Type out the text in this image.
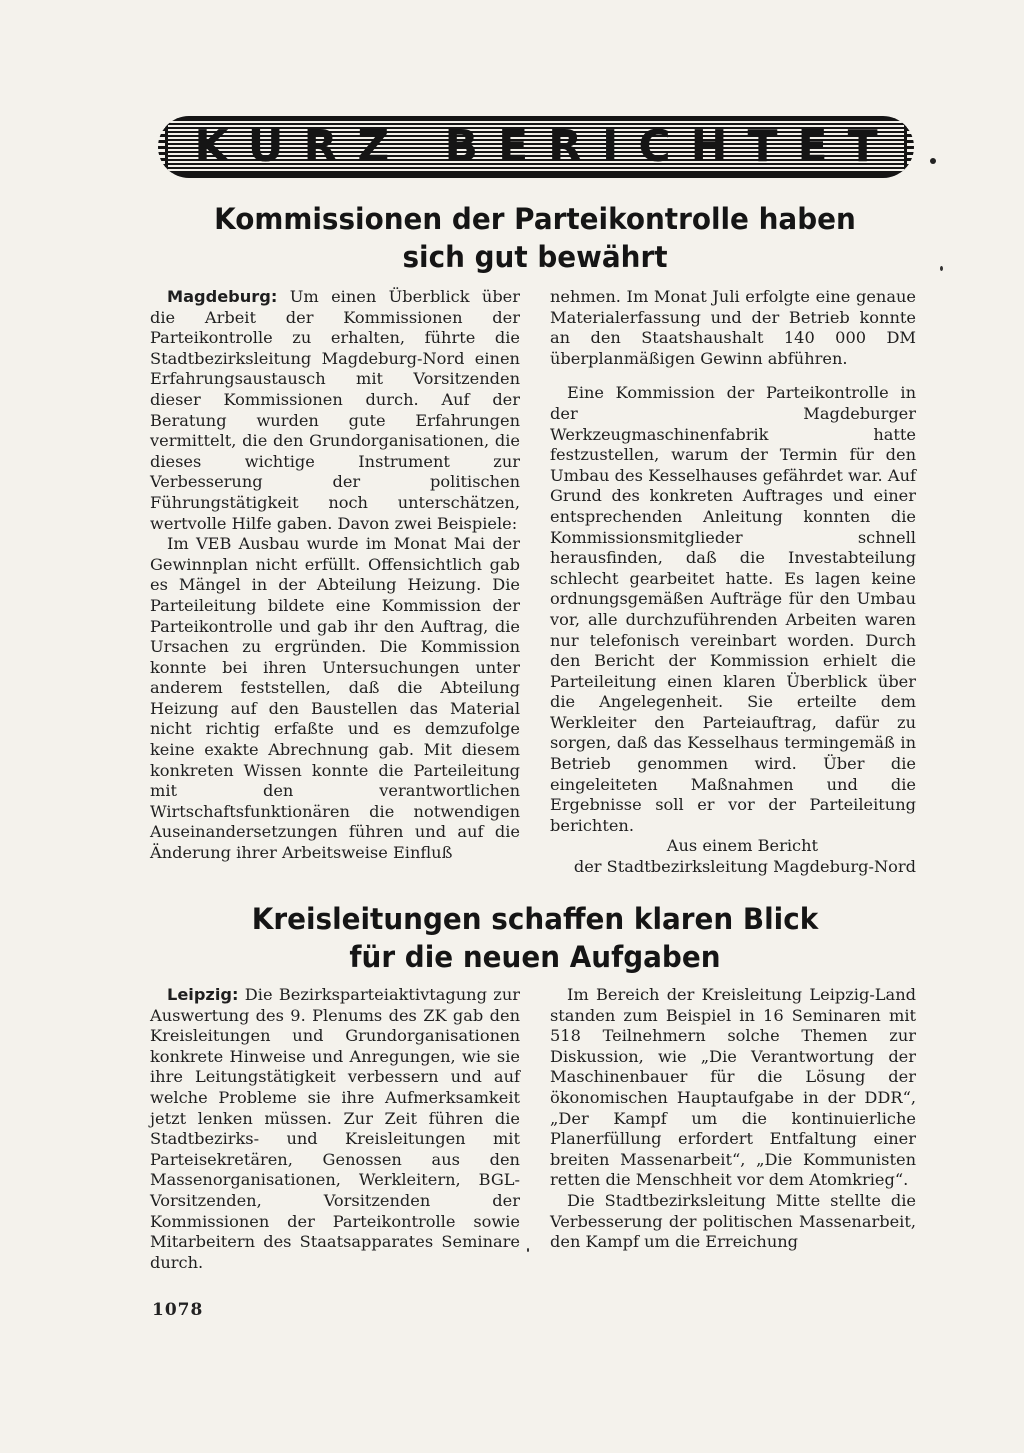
KURZ BERICHTET
Kommissionen der Parteikontrolle haben
sich gut bewährt

Magdeburg: Um einen Überblick über die Arbeit der Kommissionen der Parteikontrolle zu erhalten, führte die Stadtbezirksleitung Magdeburg-Nord einen Erfahrungsaustausch mit Vorsitzenden dieser Kommissionen durch. Auf der Beratung wurden gute Erfahrungen vermittelt, die den Grundorganisationen, die dieses wichtige Instrument zur Verbesserung der politischen Führungstätigkeit noch unterschätzen, wertvolle Hilfe gaben. Davon zwei Beispiele:

Im VEB Ausbau wurde im Monat Mai der Gewinnplan nicht erfüllt. Offensichtlich gab es Mängel in der Abteilung Heizung. Die Parteileitung bildete eine Kommission der Parteikontrolle und gab ihr den Auftrag, die Ursachen zu ergründen. Die Kommission konnte bei ihren Untersuchungen unter anderem feststellen, daß die Abteilung Heizung auf den Baustellen das Material nicht richtig erfaßte und es demzufolge keine exakte Abrechnung gab. Mit diesem konkreten Wissen konnte die Parteileitung mit den verantwortlichen Wirtschaftsfunktionären die notwendigen Auseinandersetzungen führen und auf die Änderung ihrer Arbeitsweise Einfluß

nehmen. Im Monat Juli erfolgte eine genaue Materialerfassung und der Betrieb konnte an den Staatshaushalt 140 000 DM überplanmäßigen Gewinn abführen.

Eine Kommission der Parteikontrolle in der Magdeburger Werkzeugmaschinenfabrik hatte festzustellen, warum der Termin für den Umbau des Kesselhauses gefährdet war. Auf Grund des konkreten Auftrages und einer entsprechenden Anleitung konnten die Kommissionsmitglieder schnell herausfinden, daß die Investabteilung schlecht gearbeitet hatte. Es lagen keine ordnungsgemäßen Aufträge für den Umbau vor, alle durchzuführenden Arbeiten waren nur telefonisch vereinbart worden. Durch den Bericht der Kommission erhielt die Parteileitung einen klaren Überblick über die Angelegenheit. Sie erteilte dem Werkleiter den Parteiauftrag, dafür zu sorgen, daß das Kesselhaus termingemäß in Betrieb genommen wird. Über die eingeleiteten Maßnahmen und die Ergebnisse soll er vor der Parteileitung berichten.

Aus einem Bericht
der Stadtbezirksleitung Magdeburg-Nord

Kreisleitungen schaffen klaren Blick
für die neuen Aufgaben

Leipzig: Die Bezirksparteiaktivtagung zur Auswertung des 9. Plenums des ZK gab den Kreisleitungen und Grundorganisationen konkrete Hinweise und Anregungen, wie sie ihre Leitungstätigkeit verbessern und auf welche Probleme sie ihre Aufmerksamkeit jetzt lenken müssen. Zur Zeit führen die Stadtbezirks- und Kreisleitungen mit Parteisekretären, Genossen aus den Massenorganisationen, Werkleitern, BGL-Vorsitzenden, Vorsitzenden der Kommissionen der Parteikontrolle sowie Mitarbeitern des Staatsapparates Seminare durch.

Im Bereich der Kreisleitung Leipzig-Land standen zum Beispiel in 16 Seminaren mit 518 Teilnehmern solche Themen zur Diskussion, wie „Die Verantwortung der Maschinenbauer für die Lösung der ökonomischen Hauptaufgabe in der DDR“, „Der Kampf um die kontinuierliche Planerfüllung erfordert Entfaltung einer breiten Massenarbeit“, „Die Kommunisten retten die Menschheit vor dem Atomkrieg“.

Die Stadtbezirksleitung Mitte stellte die Verbesserung der politischen Massenarbeit, den Kampf um die Erreichung

1078
